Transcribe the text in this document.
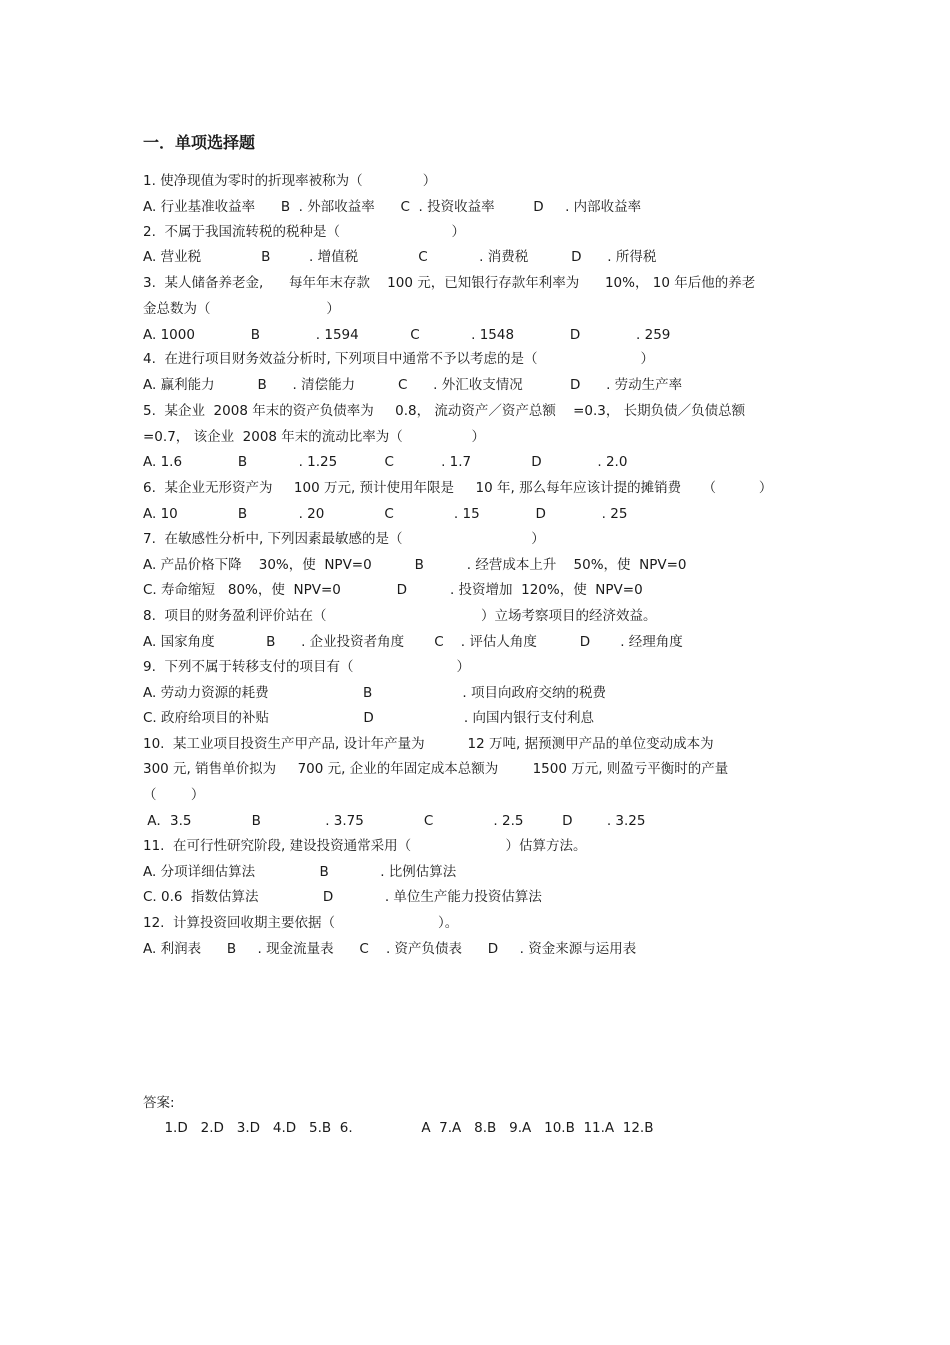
一．单项选择题

1. 使净现值为零时的折现率被称为（              ）

A. 行业基准收益率      B  . 外部收益率      C  . 投资收益率         D     . 内部收益率

2.  不属于我国流转税的税种是（                          ）

A. 营业税              B         . 增值税              C            . 消费税          D      . 所得税

3.  某人储备养老金,      每年年末存款    100 元，已知银行存款年利率为      10%， 10 年后他的养老

金总数为（                           ）

A. 1000             B             . 1594            C            . 1548             D             . 259

4.  在进行项目财务效益分析时, 下列项目中通常不予以考虑的是（                        ）

A. 赢利能力          B      . 清偿能力          C      . 外汇收支情况           D      . 劳动生产率

5.  某企业  2008 年末的资产负债率为     0.8， 流动资产／资产总额    =0.3， 长期负债／负债总额

=0.7， 该企业  2008 年末的流动比率为（                ）

A. 1.6             B            . 1.25           C           . 1.7              D             . 2.0

6.  某企业无形资产为     100 万元, 预计使用年限是     10 年, 那么每年应该计提的摊销费     （          ）

A. 10              B            . 20              C              . 15             D             . 25

7.  在敏感性分析中, 下列因素最敏感的是（                              ）

A. 产品价格下降    30%，使  NPV=0          B          . 经营成本上升    50%，使  NPV=0

C. 寿命缩短   80%，使  NPV=0             D          . 投资增加  120%，使  NPV=0

8.  项目的财务盈利评价站在（                                    ）立场考察项目的经济效益。

A. 国家角度            B      . 企业投资者角度       C    . 评估人角度          D       . 经理角度

9.  下列不属于转移支付的项目有（                        ）

A. 劳动力资源的耗费                      B                     . 项目向政府交纳的税费

C. 政府给项目的补贴                      D                     . 向国内银行支付利息

10.  某工业项目投资生产甲产品, 设计年产量为          12 万吨, 据预测甲产品的单位变动成本为

300 元, 销售单价拟为     700 元, 企业的年固定成本总额为        1500 万元, 则盈亏平衡时的产量

（        ）

A．3.5              B               . 3.75              C              . 2.5         D        . 3.25

11.  在可行性研究阶段, 建设投资通常采用（                      ）估算方法。

A. 分项详细估算法               B            . 比例估算法

C. 0.6  指数估算法               D            . 单位生产能力投资估算法

12.  计算投资回收期主要依据（                        ）。

A. 利润表      B     . 现金流量表      C    . 资产负债表      D     . 资金来源与运用表

答案:

1.D   2.D   3.D   4.D   5.B  6.                A  7.A   8.B   9.A   10.B  11.A  12.B
